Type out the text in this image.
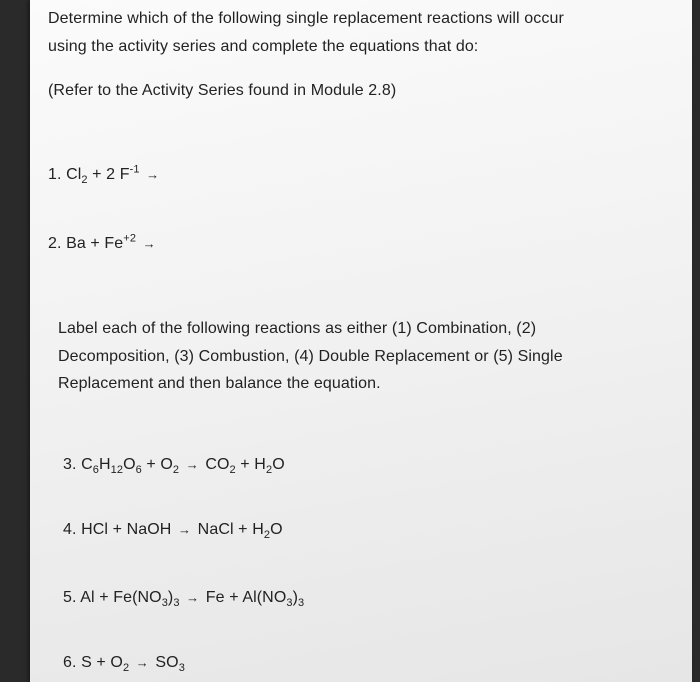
Determine which of the following single replacement reactions will occur
using the activity series and complete the equations that do:
(Refer to the Activity Series found in Module 2.8)
1. $Cl_2 + 2$ $F^{-1}$ →
2. $Ba + Fe^{+2}$ →
Label each of the following reactions as either (1) Combination, (2)
Decomposition, (3) Combustion, (4) Double Replacement or (5) Single
Replacement and then balance the equation.
3. $C_6H_{12}O_6 + O_2 \to CO_2 + H_2O$
4. HCl + NaOH → NaCl + $H_2O$
5. $Al + Fe(NO_3)_3 \to Fe + Al(NO_3)_3$
6. $S + O_2 \to SO_3$
